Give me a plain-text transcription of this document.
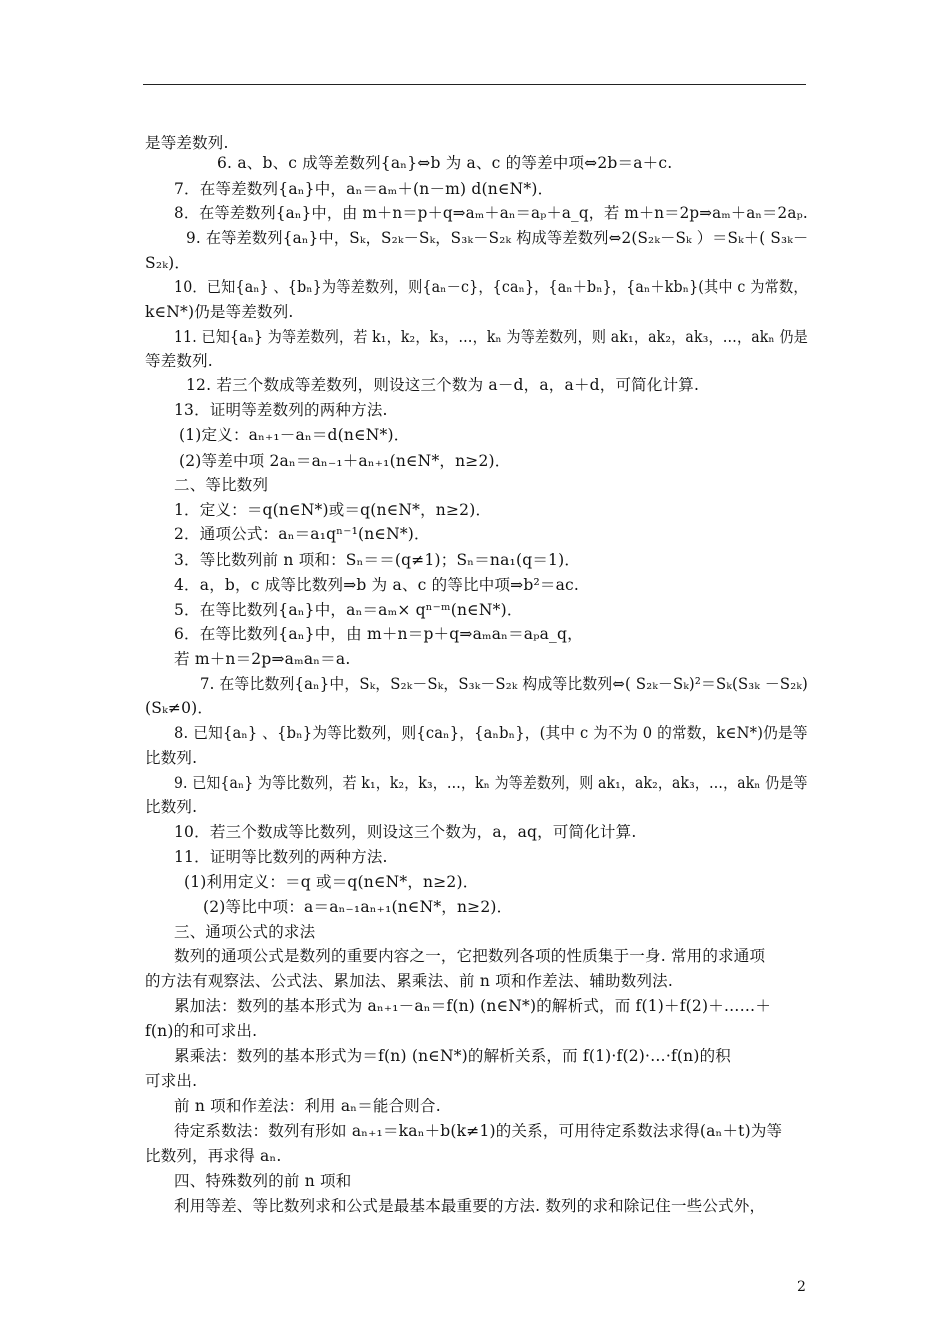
是等差数列.
6. a、b、c 成等差数列{aₙ}⇔b 为 a、c 的等差中项⇔2b＝a＋c.
7．在等差数列{aₙ}中，aₙ＝aₘ＋(n－m) d(n∈N*)．
8．在等差数列{aₙ}中，由 m＋n＝p＋q⇒aₘ＋aₙ＝aₚ＋a_q，若 m＋n＝2p⇒aₘ＋aₙ＝2aₚ.
9. 在等差数列{aₙ}中，Sₖ，S₂ₖ－Sₖ，S₃ₖ－S₂ₖ 构成等差数列⇔2(S₂ₖ－Sₖ ）＝Sₖ＋( S₃ₖ－
S₂ₖ)．
10．已知{aₙ} 、{bₙ}为等差数列，则{aₙ－c}，{caₙ}，{aₙ＋bₙ}，{aₙ＋kbₙ}(其中 c 为常数，
k∈N*)仍是等差数列.
11. 已知{aₙ} 为等差数列，若 k₁，k₂，k₃，…，kₙ 为等差数列，则 ak₁，ak₂，ak₃，…，akₙ 仍是
等差数列.
12. 若三个数成等差数列，则设这三个数为 a－d，a，a＋d，可简化计算.
13．证明等差数列的两种方法.
(1)定义：aₙ₊₁－aₙ＝d(n∈N*)．
(2)等差中项 2aₙ＝aₙ₋₁＋aₙ₊₁(n∈N*，n≥2)．
二、等比数列
1．定义：＝q(n∈N*)或＝q(n∈N*，n≥2)．
2．通项公式：aₙ＝a₁qⁿ⁻¹(n∈N*)．
3．等比数列前 n 项和：Sₙ＝＝(q≠1)；Sₙ＝na₁(q＝1)．
4．a，b，c 成等比数列⇒b 为 a、c 的等比中项⇒b²＝ac.
5．在等比数列{aₙ}中，aₙ＝aₘ× qⁿ⁻ᵐ(n∈N*)．
6．在等比数列{aₙ}中，由 m＋n＝p＋q⇒aₘaₙ＝aₚa_q，
若 m＋n＝2p⇒aₘaₙ＝a.
7. 在等比数列{aₙ}中，Sₖ，S₂ₖ－Sₖ，S₃ₖ－S₂ₖ 构成等比数列⇔( S₂ₖ－Sₖ)²＝Sₖ(S₃ₖ －S₂ₖ)
(Sₖ≠0)．
8. 已知{aₙ} 、{bₙ}为等比数列，则{caₙ}，{aₙbₙ}，(其中 c 为不为 0 的常数，k∈N*)仍是等
比数列.
9. 已知{aₙ} 为等比数列，若 k₁，k₂，k₃，…，kₙ 为等差数列，则 ak₁，ak₂，ak₃，…，akₙ 仍是等
比数列.
10．若三个数成等比数列，则设这三个数为，a，aq，可简化计算.
11．证明等比数列的两种方法.
(1)利用定义：＝q 或＝q(n∈N*，n≥2)．
(2)等比中项：a＝aₙ₋₁aₙ₊₁(n∈N*，n≥2)．
三、通项公式的求法
数列的通项公式是数列的重要内容之一，它把数列各项的性质集于一身. 常用的求通项
的方法有观察法、公式法、累加法、累乘法、前 n 项和作差法、辅助数列法.
累加法：数列的基本形式为 aₙ₊₁－aₙ＝f(n) (n∈N*)的解析式，而 f(1)＋f(2)＋……＋
f(n)的和可求出.
累乘法：数列的基本形式为＝f(n) (n∈N*)的解析关系，而 f(1)·f(2)·…·f(n)的积
可求出.
前 n 项和作差法：利用 aₙ＝能合则合.
待定系数法：数列有形如 aₙ₊₁＝kaₙ＋b(k≠1)的关系，可用待定系数法求得(aₙ＋t)为等
比数列，再求得 aₙ.
四、特殊数列的前 n 项和
利用等差、等比数列求和公式是最基本最重要的方法. 数列的求和除记住一些公式外，
2
